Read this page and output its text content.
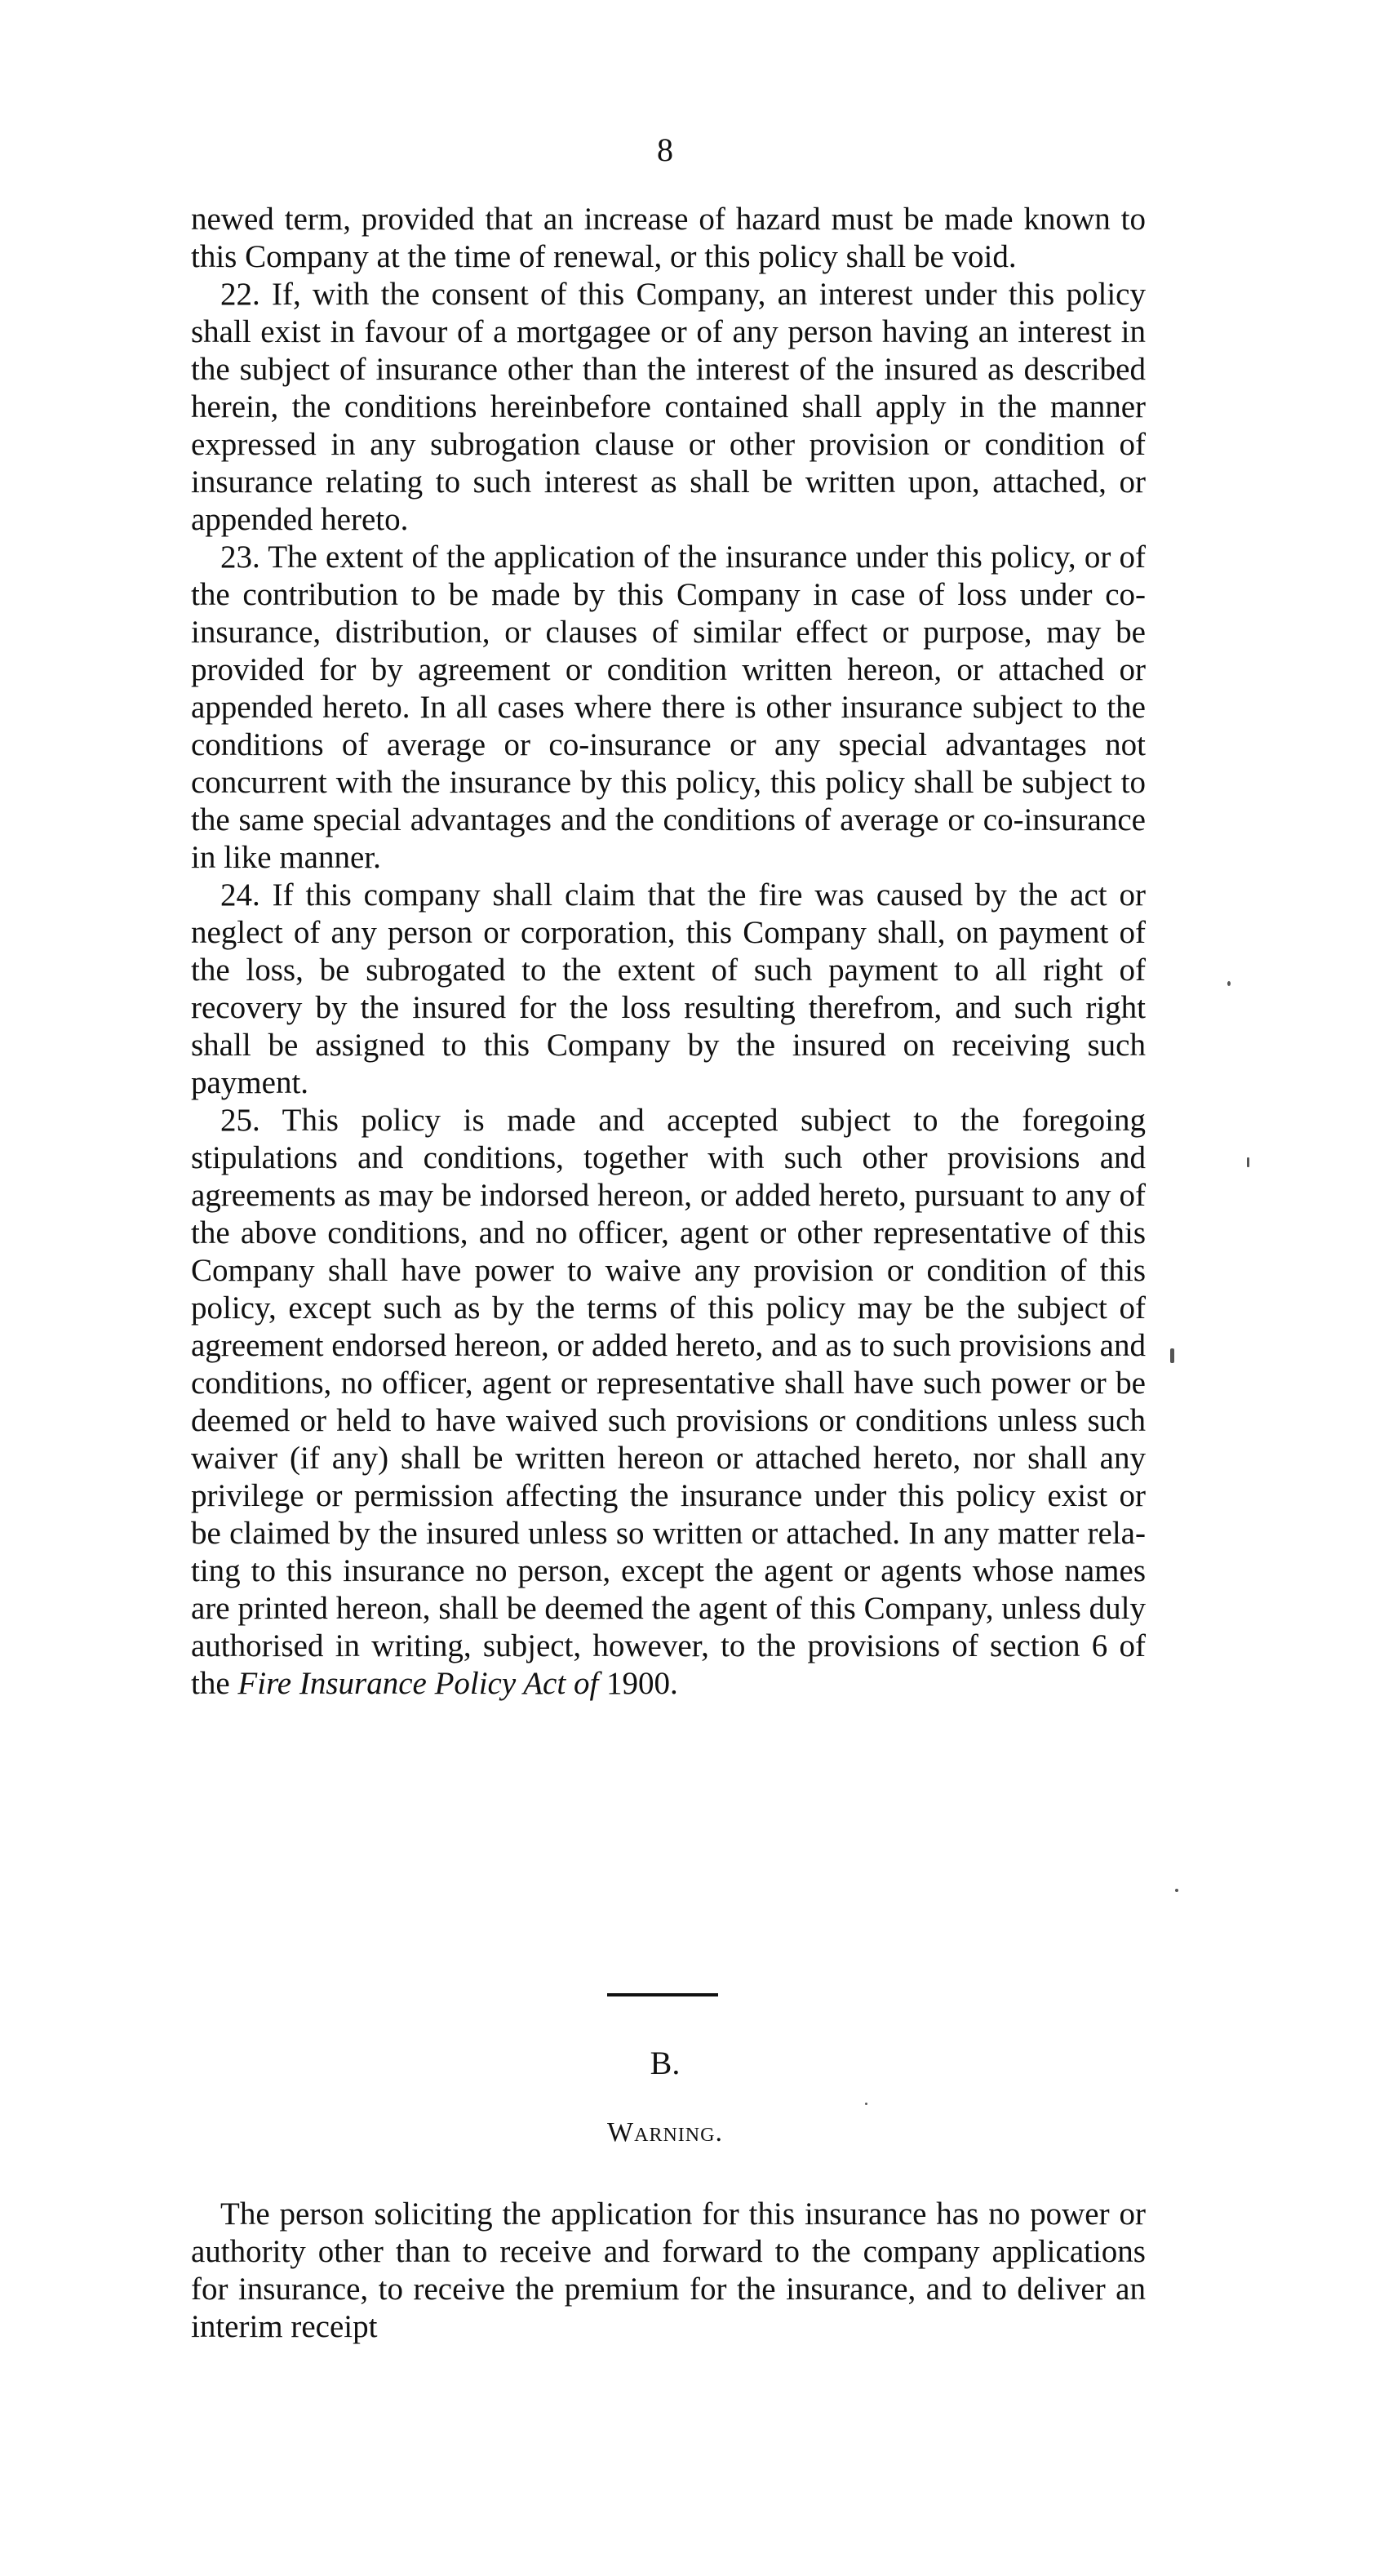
8

newed term, provided that an increase of hazard must be made known to this Company at the time of renewal, or this policy shall be void.

22. If, with the consent of this Company, an interest under this policy shall exist in favour of a mortgagee or of any person having an interest in the subject of insurance other than the interest of the insured as described herein, the conditions hereinbefore contained shall apply in the manner expressed in any subrogation clause or other provision or condition of insurance relating to such interest as shall be written upon, attached, or appended hereto.

23. The extent of the application of the insurance under this policy, or of the contribution to be made by this Company in case of loss under co-insurance, distribution, or clauses of similar effect or purpose, may be provided for by agreement or condition written hereon, or attached or appended hereto. In all cases where there is other insurance subject to the conditions of average or co-insurance or any special advantages not concurrent with the insurance by this policy, this policy shall be subject to the same special advantages and the conditions of average or co-insurance in like manner.

24. If this company shall claim that the fire was caused by the act or neglect of any person or corporation, this Company shall, on payment of the loss, be subrogated to the extent of such payment to all right of recovery by the insured for the loss resulting therefrom, and such right shall be assigned to this Company by the insured on receiving such payment.

25. This policy is made and accepted subject to the foregoing stipulations and conditions, together with such other provisions and agreements as may be indorsed hereon, or added hereto, pursuant to any of the above conditions, and no officer, agent or other representative of this Company shall have power to waive any provision or condition of this policy, except such as by the terms of this policy may be the subject of agreement endorsed hereon, or added hereto, and as to such provisions and conditions, no officer, agent or representative shall have such power or be deemed or held to have waived such provisions or conditions unless such waiver (if any) shall be written hereon or attached hereto, nor shall any privilege or permission affecting the insurance under this policy exist or be claimed by the insured unless so written or attached. In any matter relating to this insurance no person, except the agent or agents whose names are printed hereon, shall be deemed the agent of this Company, unless duly authorised in writing, subject, however, to the provisions of section 6 of the Fire Insurance Policy Act of 1900.

B.
Warning.

The person soliciting the application for this insurance has no power or authority other than to receive and forward to the company applications for insurance, to receive the premium for the insurance, and to deliver an interim receipt
